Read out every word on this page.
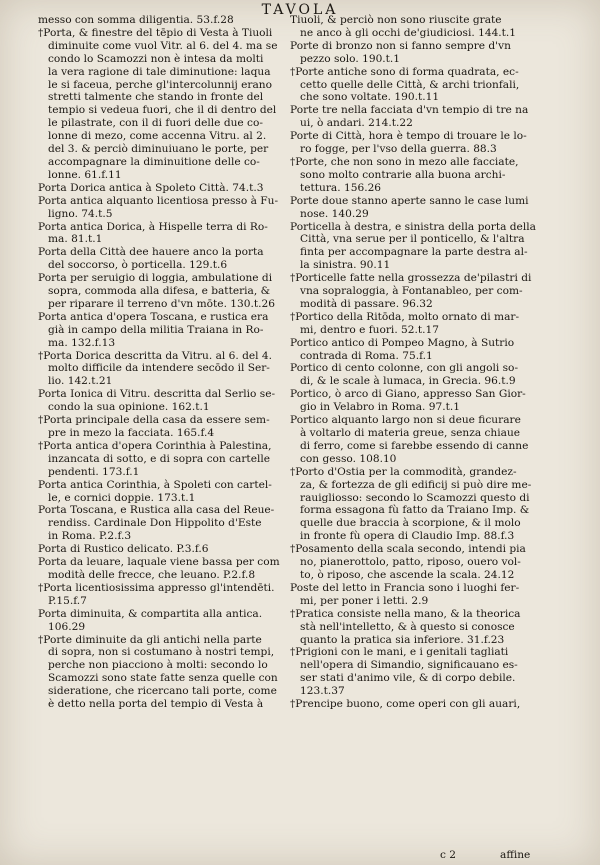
TAVOLA
messo con somma diligentia. 53.f.28
†Porta, & finestre del tēpio di Vesta à Tiuoli
diminuite come vuol Vitr. al 6. del 4. ma se
condo lo Scamozzi non è intesa da molti
la vera ragione di tale diminutione: laqua
le si faceua, perche gl'intercolunnij erano
stretti talmente che stando in fronte del
tempio si vedeua fuori, che il di dentro del
le pilastrate, con il di fuori delle due co-
lonne di mezo, come accenna Vitru. al 2.
del 3. & perciò diminuiuano le porte, per
accompagnare la diminuitione delle co-
lonne. 61.f.11
Porta Dorica antica à Spoleto Città. 74.t.3
Porta antica alquanto licentiosa presso à Fu-
ligno. 74.t.5
Porta antica Dorica, à Hispelle terra di Ro-
ma. 81.t.1
Porta della Città dee hauere anco la porta
del soccorso, ò porticella. 129.t.6
Porta per seruigio di loggia, ambulatione di
sopra, commoda alla difesa, e batteria, &
per riparare il terreno d'vn mōte. 130.t.26
Porta antica d'opera Toscana, e rustica era
già in campo della militia Traiana in Ro-
ma. 132.f.13
†Porta Dorica descritta da Vitru. al 6. del 4.
molto difficile da intendere secōdo il Ser-
lio. 142.t.21
Porta Ionica di Vitru. descritta dal Serlio se-
condo la sua opinione. 162.t.1
†Porta principale della casa da essere sem-
pre in mezo la facciata. 165.f.4
†Porta antica d'opera Corinthia à Palestina,
inzancata di sotto, e di sopra con cartelle
pendenti. 173.f.1
Porta antica Corinthia, à Spoleti con cartel-
le, e cornici doppie. 173.t.1
Porta Toscana, e Rustica alla casa del Reue-
rendiss. Cardinale Don Hippolito d'Este
in Roma. P.2.f.3
Porta di Rustico delicato. P.3.f.6
Porta da leuare, laquale viene bassa per com
modità delle frecce, che leuano. P.2.f.8
†Porta licentiosissima appresso gl'intendēti.
P.15.f.7
Porta diminuita, & compartita alla antica.
106.29
†Porte diminuite da gli antichi nella parte
di sopra, non si costumano à nostri tempi,
perche non piacciono à molti: secondo lo
Scamozzi sono state fatte senza quelle con
sideratione, che ricercano tali porte, come
è detto nella porta del tempio di Vesta à
Tiuoli, & perciò non sono riuscite grate
ne anco à gli occhi de'giudiciosi. 144.t.1
Porte di bronzo non si fanno sempre d'vn
pezzo solo. 190.t.1
†Porte antiche sono di forma quadrata, ec-
cetto quelle delle Città, & archi trionfali,
che sono voltate. 190.t.11
Porte tre nella facciata d'vn tempio di tre na
ui, ò andari. 214.t.22
Porte di Città, hora è tempo di trouare le lo-
ro fogge, per l'vso della guerra. 88.3
†Porte, che non sono in mezo alle facciate,
sono molto contrarie alla buona archi-
tettura. 156.26
Porte doue stanno aperte sanno le case lumi
nose. 140.29
Porticella à destra, e sinistra della porta della
Città, vna serue per il ponticello, & l'altra
finta per accompagnare la parte destra al-
la sinistra. 90.11
†Porticelle fatte nella grossezza de'pilastri di
vna sopraloggia, à Fontanableo, per com-
modità di passare. 96.32
†Portico della Ritōda, molto ornato di mar-
mi, dentro e fuori. 52.t.17
Portico antico di Pompeo Magno, à Sutrio
contrada di Roma. 75.f.1
Portico di cento colonne, con gli angoli so-
di, & le scale à lumaca, in Grecia. 96.t.9
Portico, ò arco di Giano, appresso San Gior-
gio in Velabro in Roma. 97.t.1
Portico alquanto largo non si deue ficurare
à voltarlo di materia greue, senza chiaue
di ferro, come si farebbe essendo di canne
con gesso. 108.10
†Porto d'Ostia per la commodità, grandez-
za, & fortezza de gli edificij si può dire me-
rauigliosso: secondo lo Scamozzi questo di
forma essagona fù fatto da Traiano Imp. &
quelle due braccia à scorpione, & il molo
in fronte fù opera di Claudio Imp. 88.f.3
†Posamento della scala secondo, intendi pia
no, pianerottolo, patto, riposo, ouero vol-
to, ò riposo, che ascende la scala. 24.12
Poste del letto in Francia sono i luoghi fer-
mi, per poner i letti. 2.9
†Pratica consiste nella mano, & la theorica
stà nell'intelletto, & à questo si conosce
quanto la pratica sia inferiore. 31.f.23
†Prigioni con le mani, e i genitali tagliati
nell'opera di Simandio, significauano es-
ser stati d'animo vile, & di corpo debile.
123.t.37
†Prencipe buono, come operi con gli auari,
c 2	affine
